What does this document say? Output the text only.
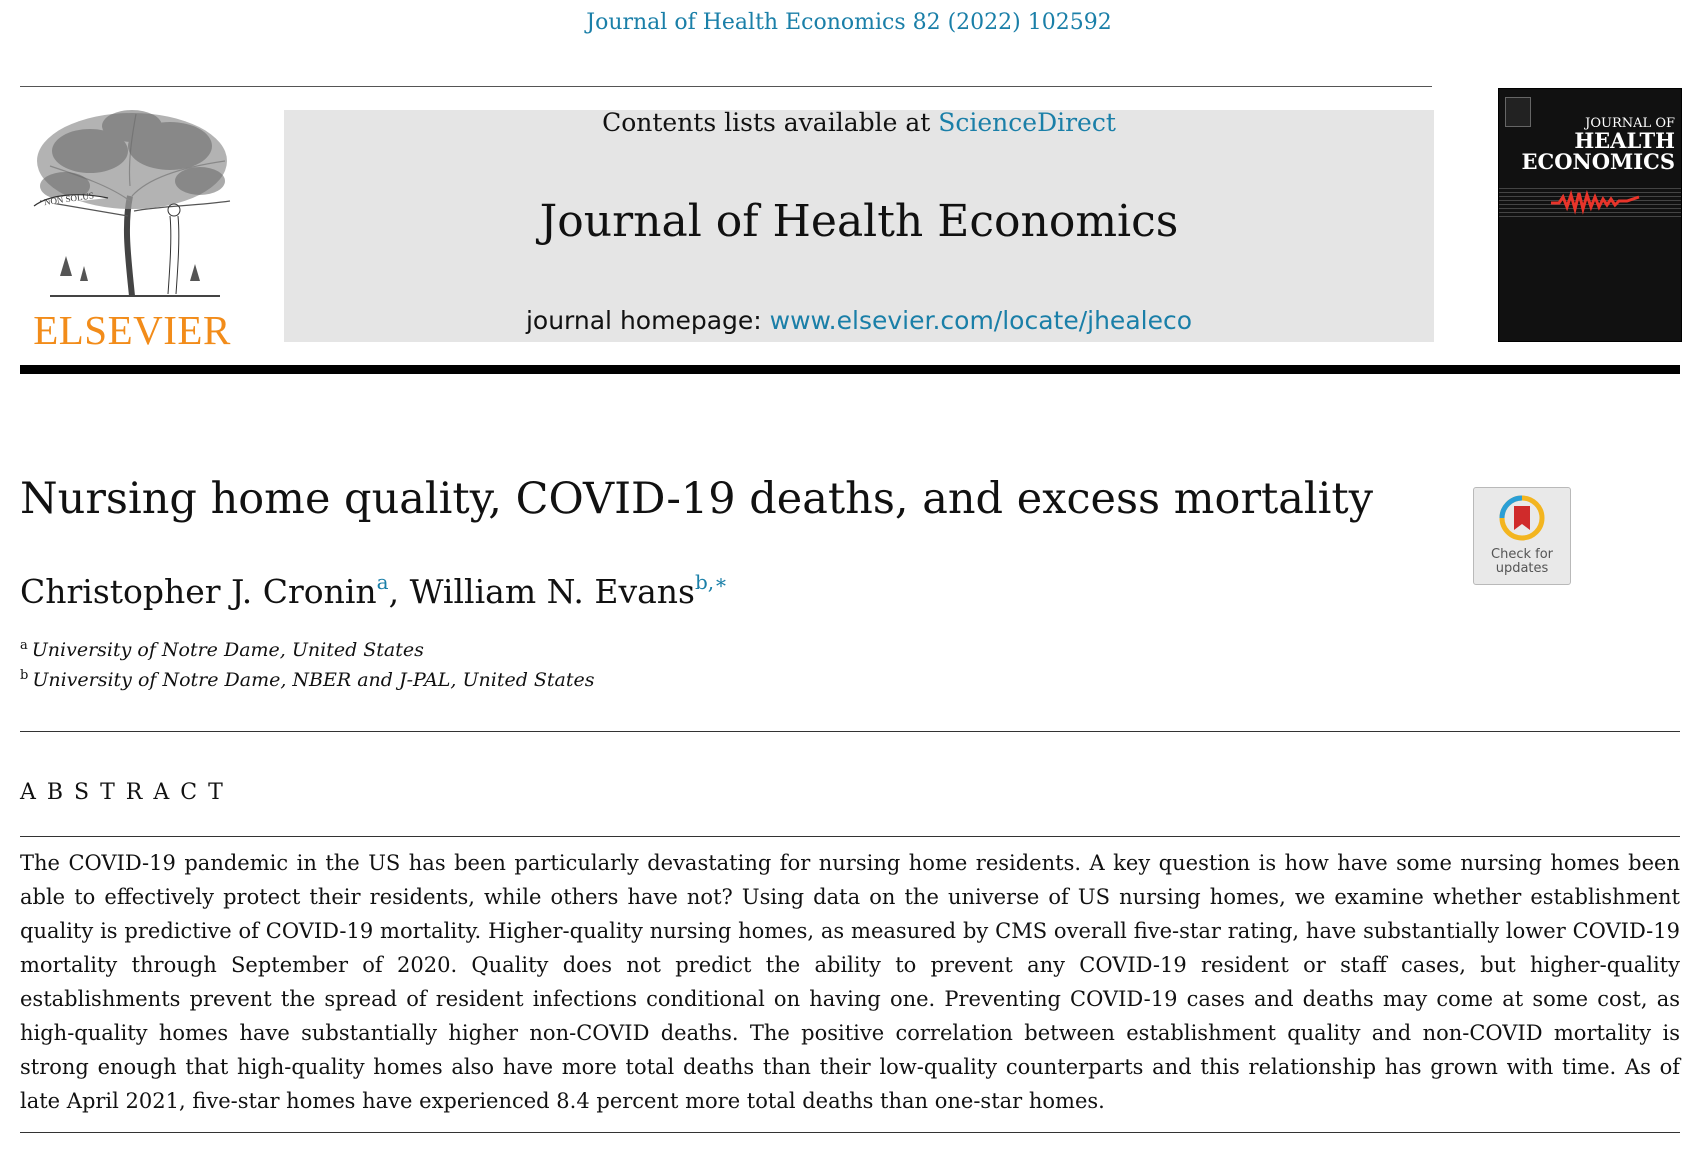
Journal of Health Economics 82 (2022) 102592
NON SOLUS
ELSEVIER
Contents lists available at ScienceDirect
Journal of Health Economics
journal homepage: www.elsevier.com/locate/jhealeco
JOURNAL OF
HEALTH
ECONOMICS
Nursing home quality, COVID-19 deaths, and excess mortality
Check for
updates
Christopher J. Cronin$^a$, William N. Evans$^{b,∗}$
$^a$ University of Notre Dame, United States
$^b$ University of Notre Dame, NBER and J-PAL, United States
ABSTRACT

The COVID-19 pandemic in the US has been particularly devastating for nursing home residents. A key question is how have some nursing homes been able to effectively protect their residents, while others have not? Using data on the universe of US nursing homes, we examine whether establishment quality is predictive of COVID-19 mortality. Higher-quality nursing homes, as measured by CMS overall five-star rating, have substantially lower COVID-19 mortality through September of 2020. Quality does not predict the ability to prevent any COVID-19 resident or staff cases, but higher-quality establishments prevent the spread of resident infections conditional on having one. Preventing COVID-19 cases and deaths may come at some cost, as high-quality homes have substantially higher non-COVID deaths. The positive correlation between establishment quality and non-COVID mortality is strong enough that high-quality homes also have more total deaths than their low-quality counterparts and this relationship has grown with time. As of late April 2021, five-star homes have experienced 8.4 percent more total deaths than one-star homes.
